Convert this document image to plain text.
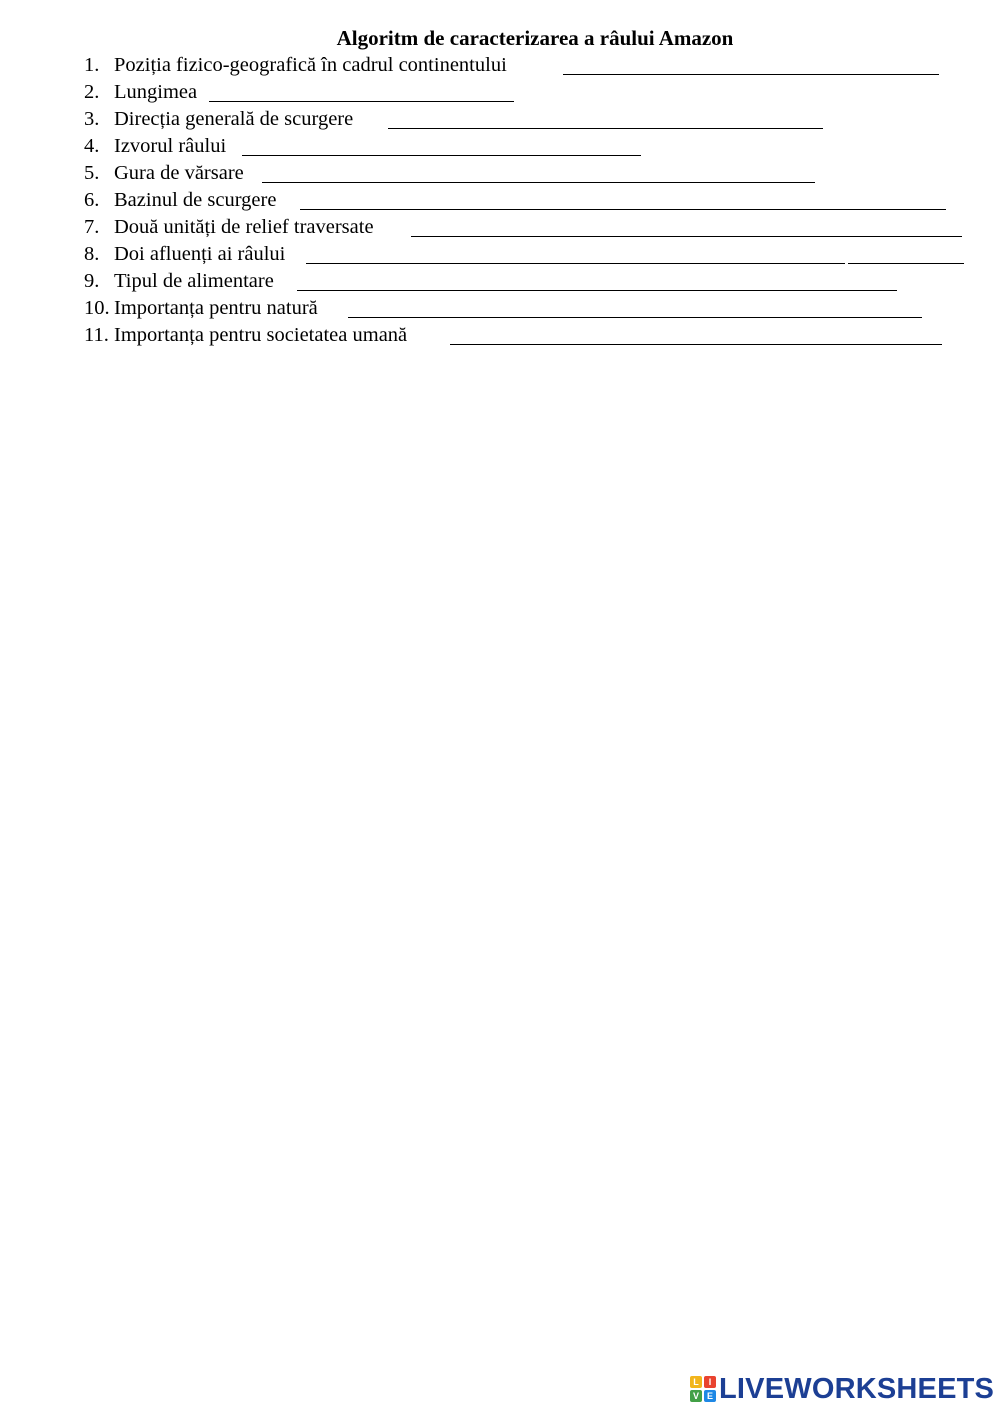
Algoritm de caracterizarea a râului Amazon
1. Poziția fizico-geografică în cadrul continentului
2. Lungimea
3. Direcția generală de scurgere
4. Izvorul râului
5. Gura de vărsare
6. Bazinul de scurgere
7. Două unități de relief traversate
8. Doi afluenți ai râului
9. Tipul de alimentare
10. Importanța pentru natură
11. Importanța pentru societatea umană
L	I
V E LIVEWORKSHEETS
